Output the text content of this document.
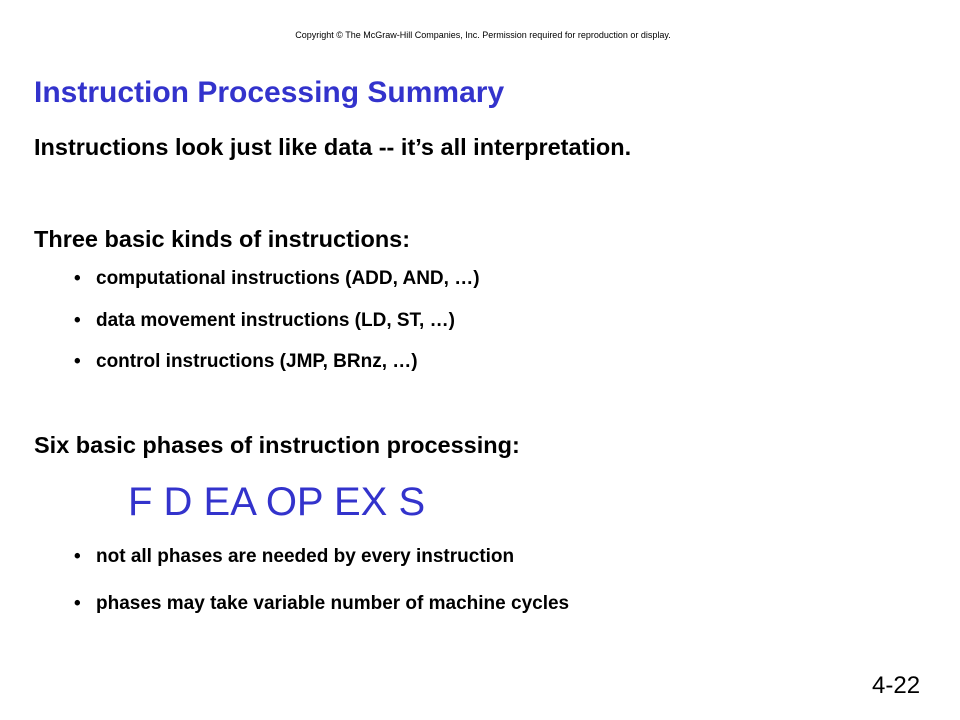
Copyright © The McGraw-Hill Companies, Inc. Permission required for reproduction or display.
Instruction Processing Summary
Instructions look just like data -- it’s all interpretation.
Three basic kinds of instructions:
• computational instructions (ADD, AND, …)
• data movement instructions (LD, ST, …)
• control instructions (JMP, BRnz, …)
Six basic phases of instruction processing:
F D EA OP EX S
• not all phases are needed by every instruction
• phases may take variable number of machine cycles
4-22
